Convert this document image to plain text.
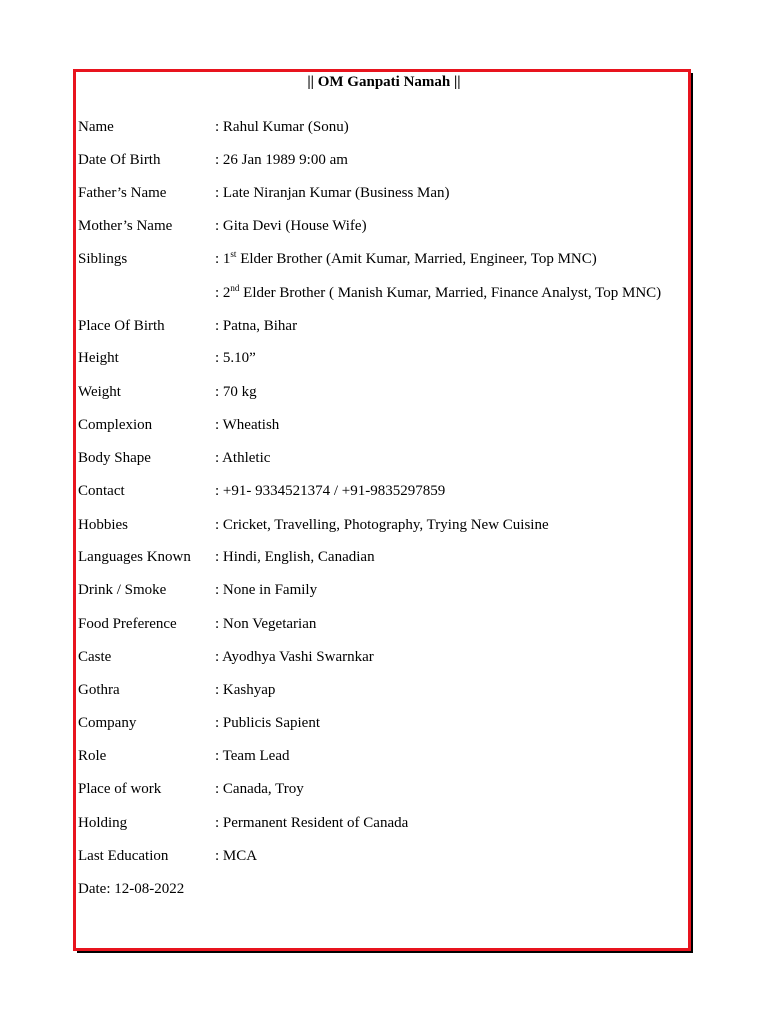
|| OM Ganpati Namah ||
Name	: Rahul Kumar (Sonu)
Date Of Birth	: 26 Jan 1989 9:00 am
Father’s Name	: Late Niranjan Kumar (Business Man)
Mother’s Name	: Gita Devi (House Wife)
Siblings	: 1st Elder Brother (Amit Kumar, Married, Engineer, Top MNC)
: 2nd Elder Brother ( Manish Kumar, Married, Finance Analyst, Top MNC)
Place Of Birth	: Patna, Bihar
Height	: 5.10”
Weight	: 70 kg
Complexion	: Wheatish
Body Shape	: Athletic
Contact	: +91- 9334521374 / +91-9835297859
Hobbies	: Cricket, Travelling, Photography, Trying New Cuisine
Languages Known : Hindi, English, Canadian
Drink / Smoke	: None in Family
Food Preference	: Non Vegetarian
Caste	: Ayodhya Vashi Swarnkar
Gothra	: Kashyap
Company	: Publicis Sapient
Role	: Team Lead
Place of work	: Canada, Troy
Holding	: Permanent Resident of Canada
Last Education	: MCA
Date: 12-08-2022
